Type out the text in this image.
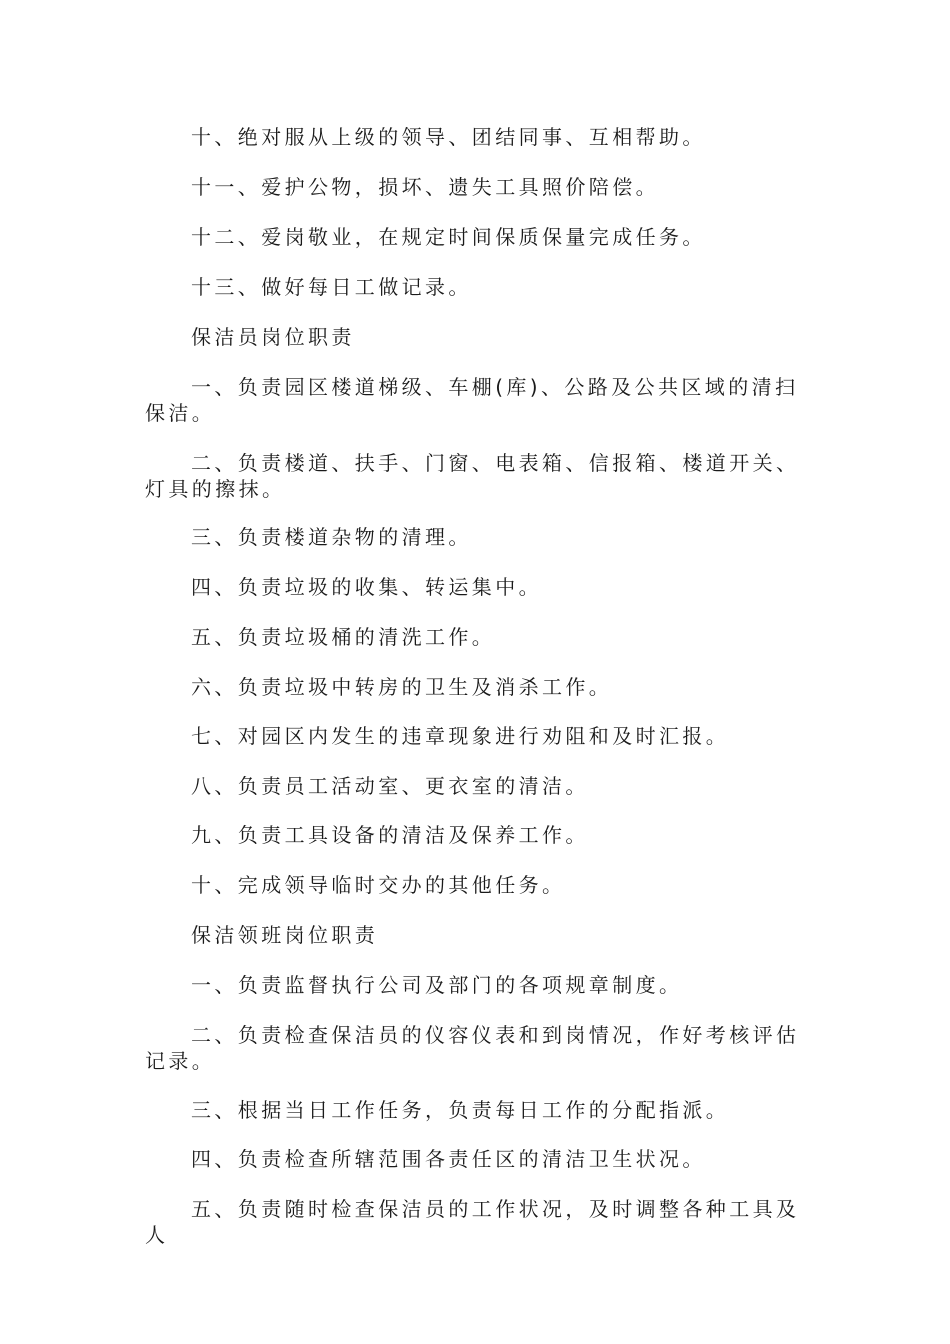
十、绝对服从上级的领导、团结同事、互相帮助。

十一、爱护公物，损坏、遗失工具照价陪偿。

十二、爱岗敬业，在规定时间保质保量完成任务。

十三、做好每日工做记录。

保洁员岗位职责

一、负责园区楼道梯级、车棚(库)、公路及公共区域的清扫保洁。

二、负责楼道、扶手、门窗、电表箱、信报箱、楼道开关、灯具的擦抹。

三、负责楼道杂物的清理。

四、负责垃圾的收集、转运集中。

五、负责垃圾桶的清洗工作。

六、负责垃圾中转房的卫生及消杀工作。

七、对园区内发生的违章现象进行劝阻和及时汇报。

八、负责员工活动室、更衣室的清洁。

九、负责工具设备的清洁及保养工作。

十、完成领导临时交办的其他任务。

保洁领班岗位职责

一、负责监督执行公司及部门的各项规章制度。

二、负责检查保洁员的仪容仪表和到岗情况，作好考核评估记录。

三、根据当日工作任务，负责每日工作的分配指派。

四、负责检查所辖范围各责任区的清洁卫生状况。

五、负责随时检查保洁员的工作状况，及时调整各种工具及人
